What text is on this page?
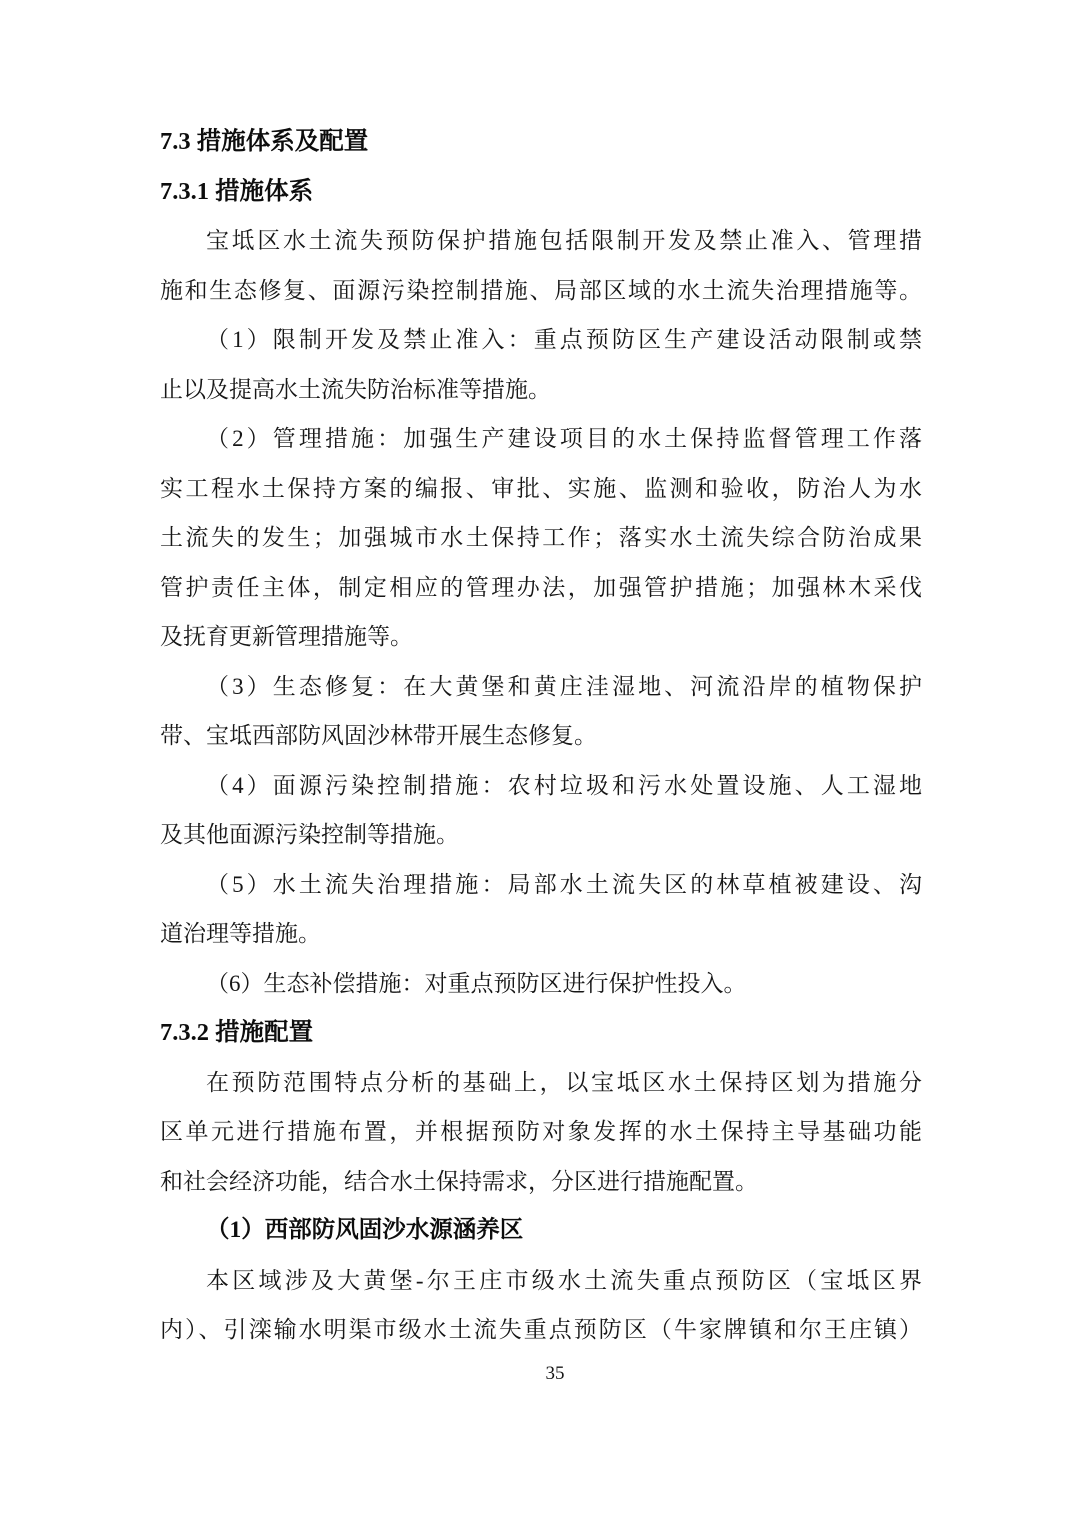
7.3 措施体系及配置
7.3.1 措施体系
宝坻区水土流失预防保护措施包括限制开发及禁止准入、管理措
施和生态修复、面源污染控制措施、局部区域的水土流失治理措施等。
（1）限制开发及禁止准入：重点预防区生产建设活动限制或禁
止以及提高水土流失防治标准等措施。
（2）管理措施：加强生产建设项目的水土保持监督管理工作落
实工程水土保持方案的编报、审批、实施、监测和验收，防治人为水
土流失的发生；加强城市水土保持工作；落实水土流失综合防治成果
管护责任主体，制定相应的管理办法，加强管护措施；加强林木采伐
及抚育更新管理措施等。
（3）生态修复：在大黄堡和黄庄洼湿地、河流沿岸的植物保护
带、宝坻西部防风固沙林带开展生态修复。
（4）面源污染控制措施：农村垃圾和污水处置设施、人工湿地
及其他面源污染控制等措施。
（5）水土流失治理措施：局部水土流失区的林草植被建设、沟
道治理等措施。
（6）生态补偿措施：对重点预防区进行保护性投入。
7.3.2 措施配置
在预防范围特点分析的基础上，以宝坻区水土保持区划为措施分
区单元进行措施布置，并根据预防对象发挥的水土保持主导基础功能
和社会经济功能，结合水土保持需求，分区进行措施配置。
（1）西部防风固沙水源涵养区
本区域涉及大黄堡-尔王庄市级水土流失重点预防区（宝坻区界
内）、引滦输水明渠市级水土流失重点预防区（牛家牌镇和尔王庄镇）
35
